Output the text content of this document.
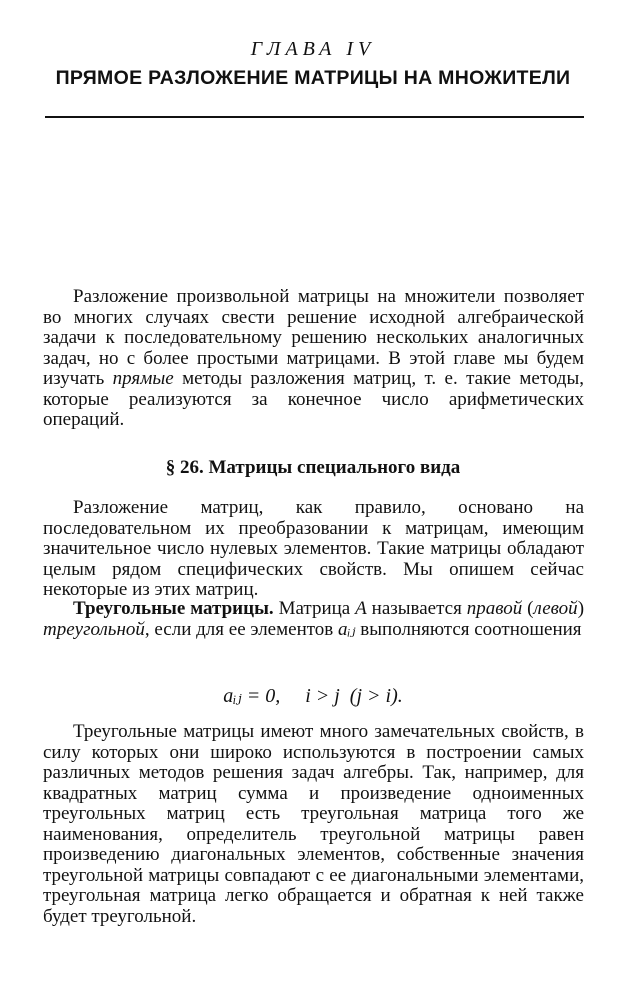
ГЛАВА IV
ПРЯМОЕ РАЗЛОЖЕНИЕ МАТРИЦЫ НА МНОЖИТЕЛИ

Разложение произвольной матрицы на множители позволяет во многих случаях свести решение исходной алгебраической задачи к последовательному решению нескольких аналогичных задач, но с более простыми матрицами. В этой главе мы будем изучать прямые методы разложения матриц, т. е. такие методы, которые реализуются за конечное число арифметических операций.

§ 26. Матрицы специального вида

Разложение матриц, как правило, основано на последовательном их преобразовании к матрицам, имеющим значительное число нулевых элементов. Такие матрицы обладают целым рядом специфических свойств. Мы опишем сейчас некоторые из этих матриц.

Треугольные матрицы. Матрица A называется правой (левой) треугольной, если для ее элементов aᵢⱼ выполняются соотношения

aᵢⱼ = 0,     i > j  (j > i).

Треугольные матрицы имеют много замечательных свойств, в силу которых они широко используются в построении самых различных методов решения задач алгебры. Так, например, для квадратных матриц сумма и произведение одноименных треугольных матриц есть треугольная матрица того же наименования, определитель треугольной матрицы равен произведению диагональных элементов, собственные значения треугольной матрицы совпадают с ее диагональными элементами, треугольная матрица легко обращается и обратная к ней также будет треугольной.
